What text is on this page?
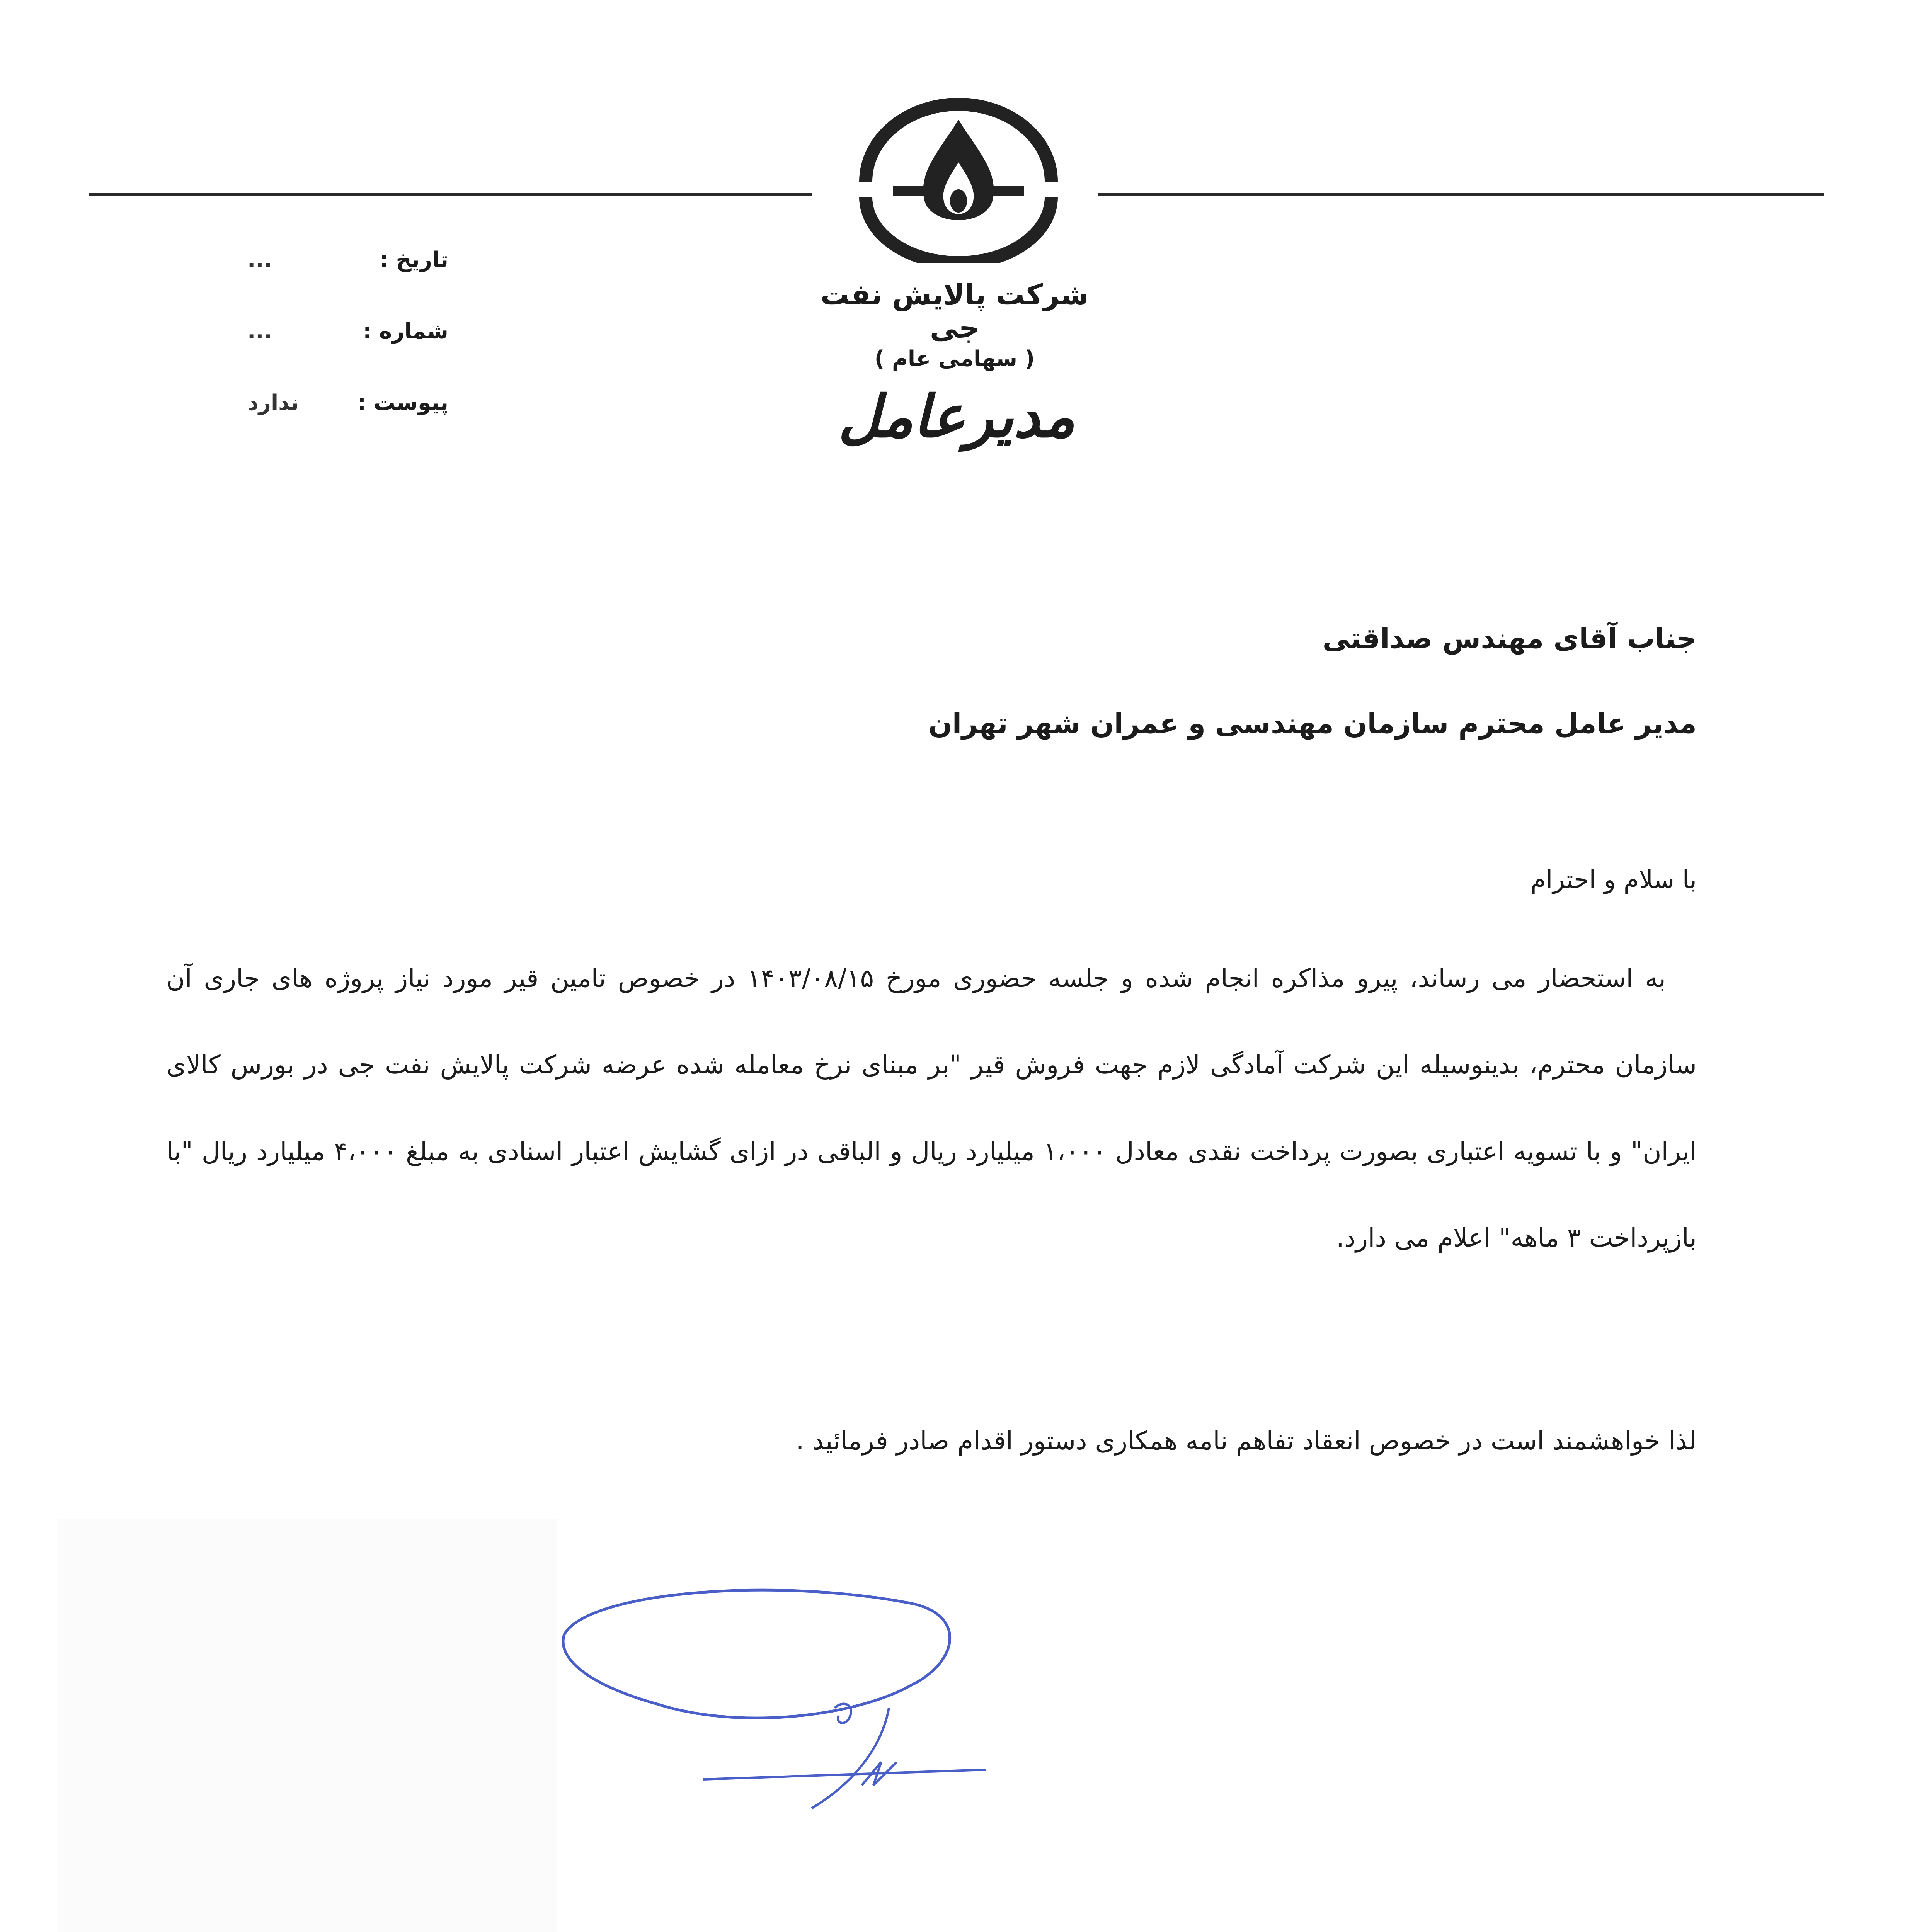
شرکت پالایش نفت جی
( سهامی عام )
مدیرعامل
تاریخ :
...
شماره :
...
پیوست :
ندارد
جناب آقای مهندس صداقتی
مدیر عامل محترم سازمان مهندسی و عمران شهر تهران
با سلام و احترام
به استحضار می رساند، پیرو مذاکره انجام شده و جلسه حضوری مورخ ۱۴۰۳/۰۸/۱۵ در خصوص تامین قیر مورد نیاز پروژه های جاری آن سازمان محترم، بدینوسیله این شرکت آمادگی لازم جهت فروش قیر "بر مبنای نرخ معامله شده عرضه شرکت پالایش نفت جی در بورس کالای ایران" و با تسویه اعتباری بصورت پرداخت نقدی معادل ۱،۰۰۰ میلیارد ریال و الباقی در ازای گشایش اعتبار اسنادی به مبلغ ۴،۰۰۰ میلیارد ریال "با بازپرداخت ۳ ماهه" اعلام می دارد.
لذا خواهشمند است در خصوص انعقاد تفاهم نامه همکاری دستور اقدام صادر فرمائید .
